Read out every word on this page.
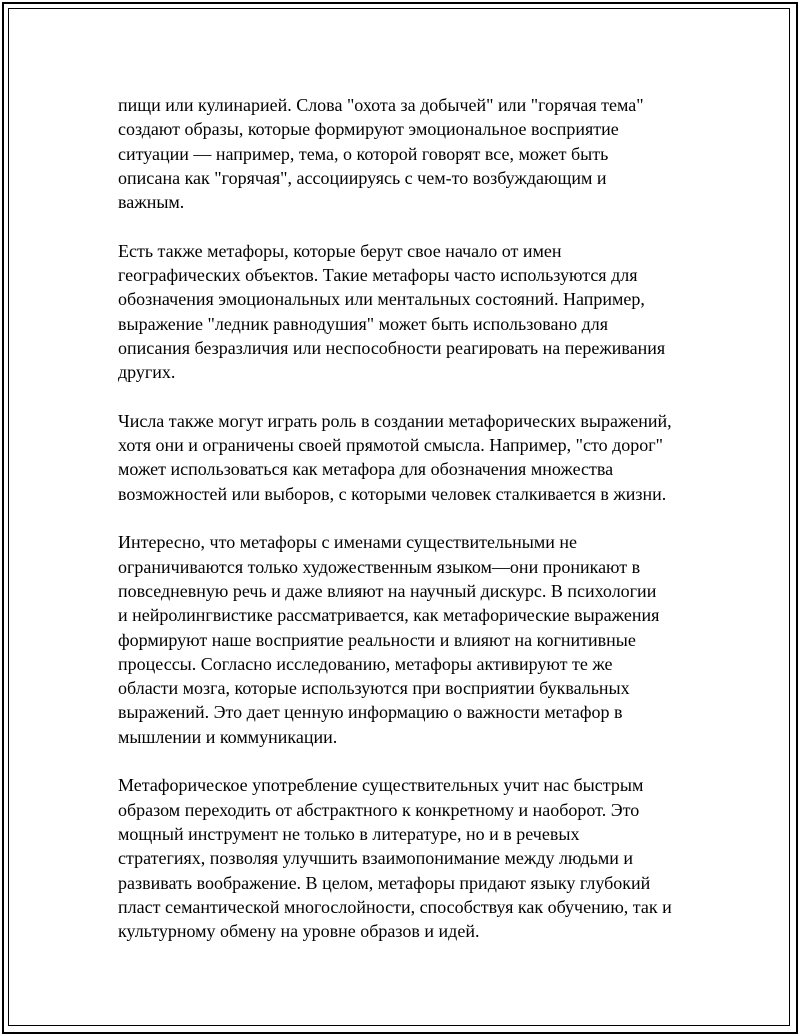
пищи или кулинарией. Слова "охота за добычей" или "горячая тема"
создают образы, которые формируют эмоциональное восприятие
ситуации — например, тема, о которой говорят все, может быть
описана как "горячая", ассоциируясь с чем-то возбуждающим и
важным.

Есть также метафоры, которые берут свое начало от имен
географических объектов. Такие метафоры часто используются для
обозначения эмоциональных или ментальных состояний. Например,
выражение "ледник равнодушия" может быть использовано для
описания безразличия или неспособности реагировать на переживания
других.

Числа также могут играть роль в создании метафорических выражений,
хотя они и ограничены своей прямотой смысла. Например, "сто дорог"
может использоваться как метафора для обозначения множества
возможностей или выборов, с которыми человек сталкивается в жизни.

Интересно, что метафоры с именами существительными не
ограничиваются только художественным языком—они проникают в
повседневную речь и даже влияют на научный дискурс. В психологии
и нейролингвистике рассматривается, как метафорические выражения
формируют наше восприятие реальности и влияют на когнитивные
процессы. Согласно исследованию, метафоры активируют те же
области мозга, которые используются при восприятии буквальных
выражений. Это дает ценную информацию о важности метафор в
мышлении и коммуникации.

Метафорическое употребление существительных учит нас быстрым
образом переходить от абстрактного к конкретному и наоборот. Это
мощный инструмент не только в литературе, но и в речевых
стратегиях, позволяя улучшить взаимопонимание между людьми и
развивать воображение. В целом, метафоры придают языку глубокий
пласт семантической многослойности, способствуя как обучению, так и
культурному обмену на уровне образов и идей.
